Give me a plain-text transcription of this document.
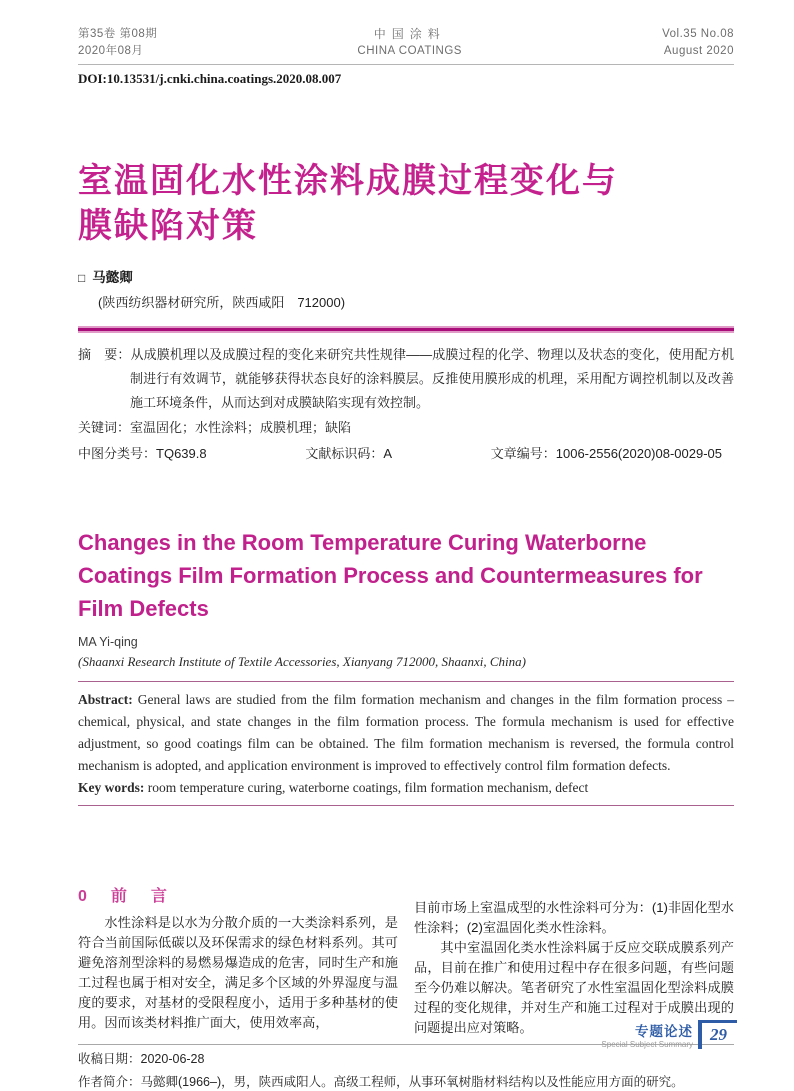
第35卷 第08期
2020年08月
中国涂料
CHINA COATINGS
Vol.35 No.08
August 2020
DOI:10.13531/j.cnki.china.coatings.2020.08.007
室温固化水性涂料成膜过程变化与
膜缺陷对策
□ 马懿卿
(陕西纺织器材研究所，陕西咸阳　712000)
摘　要：从成膜机理以及成膜过程的变化来研究共性规律——成膜过程的化学、物理以及状态的变化，使用配方机制进行有效调节，就能够获得状态良好的涂料膜层。反推使用膜形成的机理，采用配方调控机制以及改善施工环境条件，从而达到对成膜缺陷实现有效控制。
关键词：室温固化；水性涂料；成膜机理；缺陷
中图分类号：TQ639.8	文献标识码：A	文章编号：1006-2556(2020)08-0029-05
Changes in the Room Temperature Curing Waterborne Coatings Film Formation Process and Countermeasures for Film Defects
MA Yi-qing
(Shaanxi Research Institute of Textile Accessories, Xianyang 712000, Shaanxi, China)
Abstract: General laws are studied from the film formation mechanism and changes in the film formation process – chemical, physical, and state changes in the film formation process. The formula mechanism is used for effective adjustment, so good coatings film can be obtained. The film formation mechanism is reversed, the formula control mechanism is adopted, and application environment is improved to effectively control film formation defects.
Key words: room temperature curing, waterborne coatings, film formation mechanism, defect
0　前　言

水性涂料是以水为分散介质的一大类涂料系列，是符合当前国际低碳以及环保需求的绿色材料系列。其可避免溶剂型涂料的易燃易爆造成的危害，同时生产和施工过程也属于相对安全，满足多个区域的外界湿度与温度的要求，对基材的受限程度小，适用于多种基材的使用。因而该类材料推广面大，使用效率高，

目前市场上室温成型的水性涂料可分为：(1)非固化型水性涂料；(2)室温固化类水性涂料。

其中室温固化类水性涂料属于反应交联成膜系列产品，目前在推广和使用过程中存在很多问题，有些问题至今仍难以解决。笔者研究了水性室温固化型涂料成膜过程的变化规律，并对生产和施工过程对于成膜出现的问题提出应对策略。

收稿日期：2020-06-28
作者简介：马懿卿(1966–)，男，陕西咸阳人。高级工程师，从事环氧树脂材料结构以及性能应用方面的研究。
专题论述
Special Subject Summary
29
